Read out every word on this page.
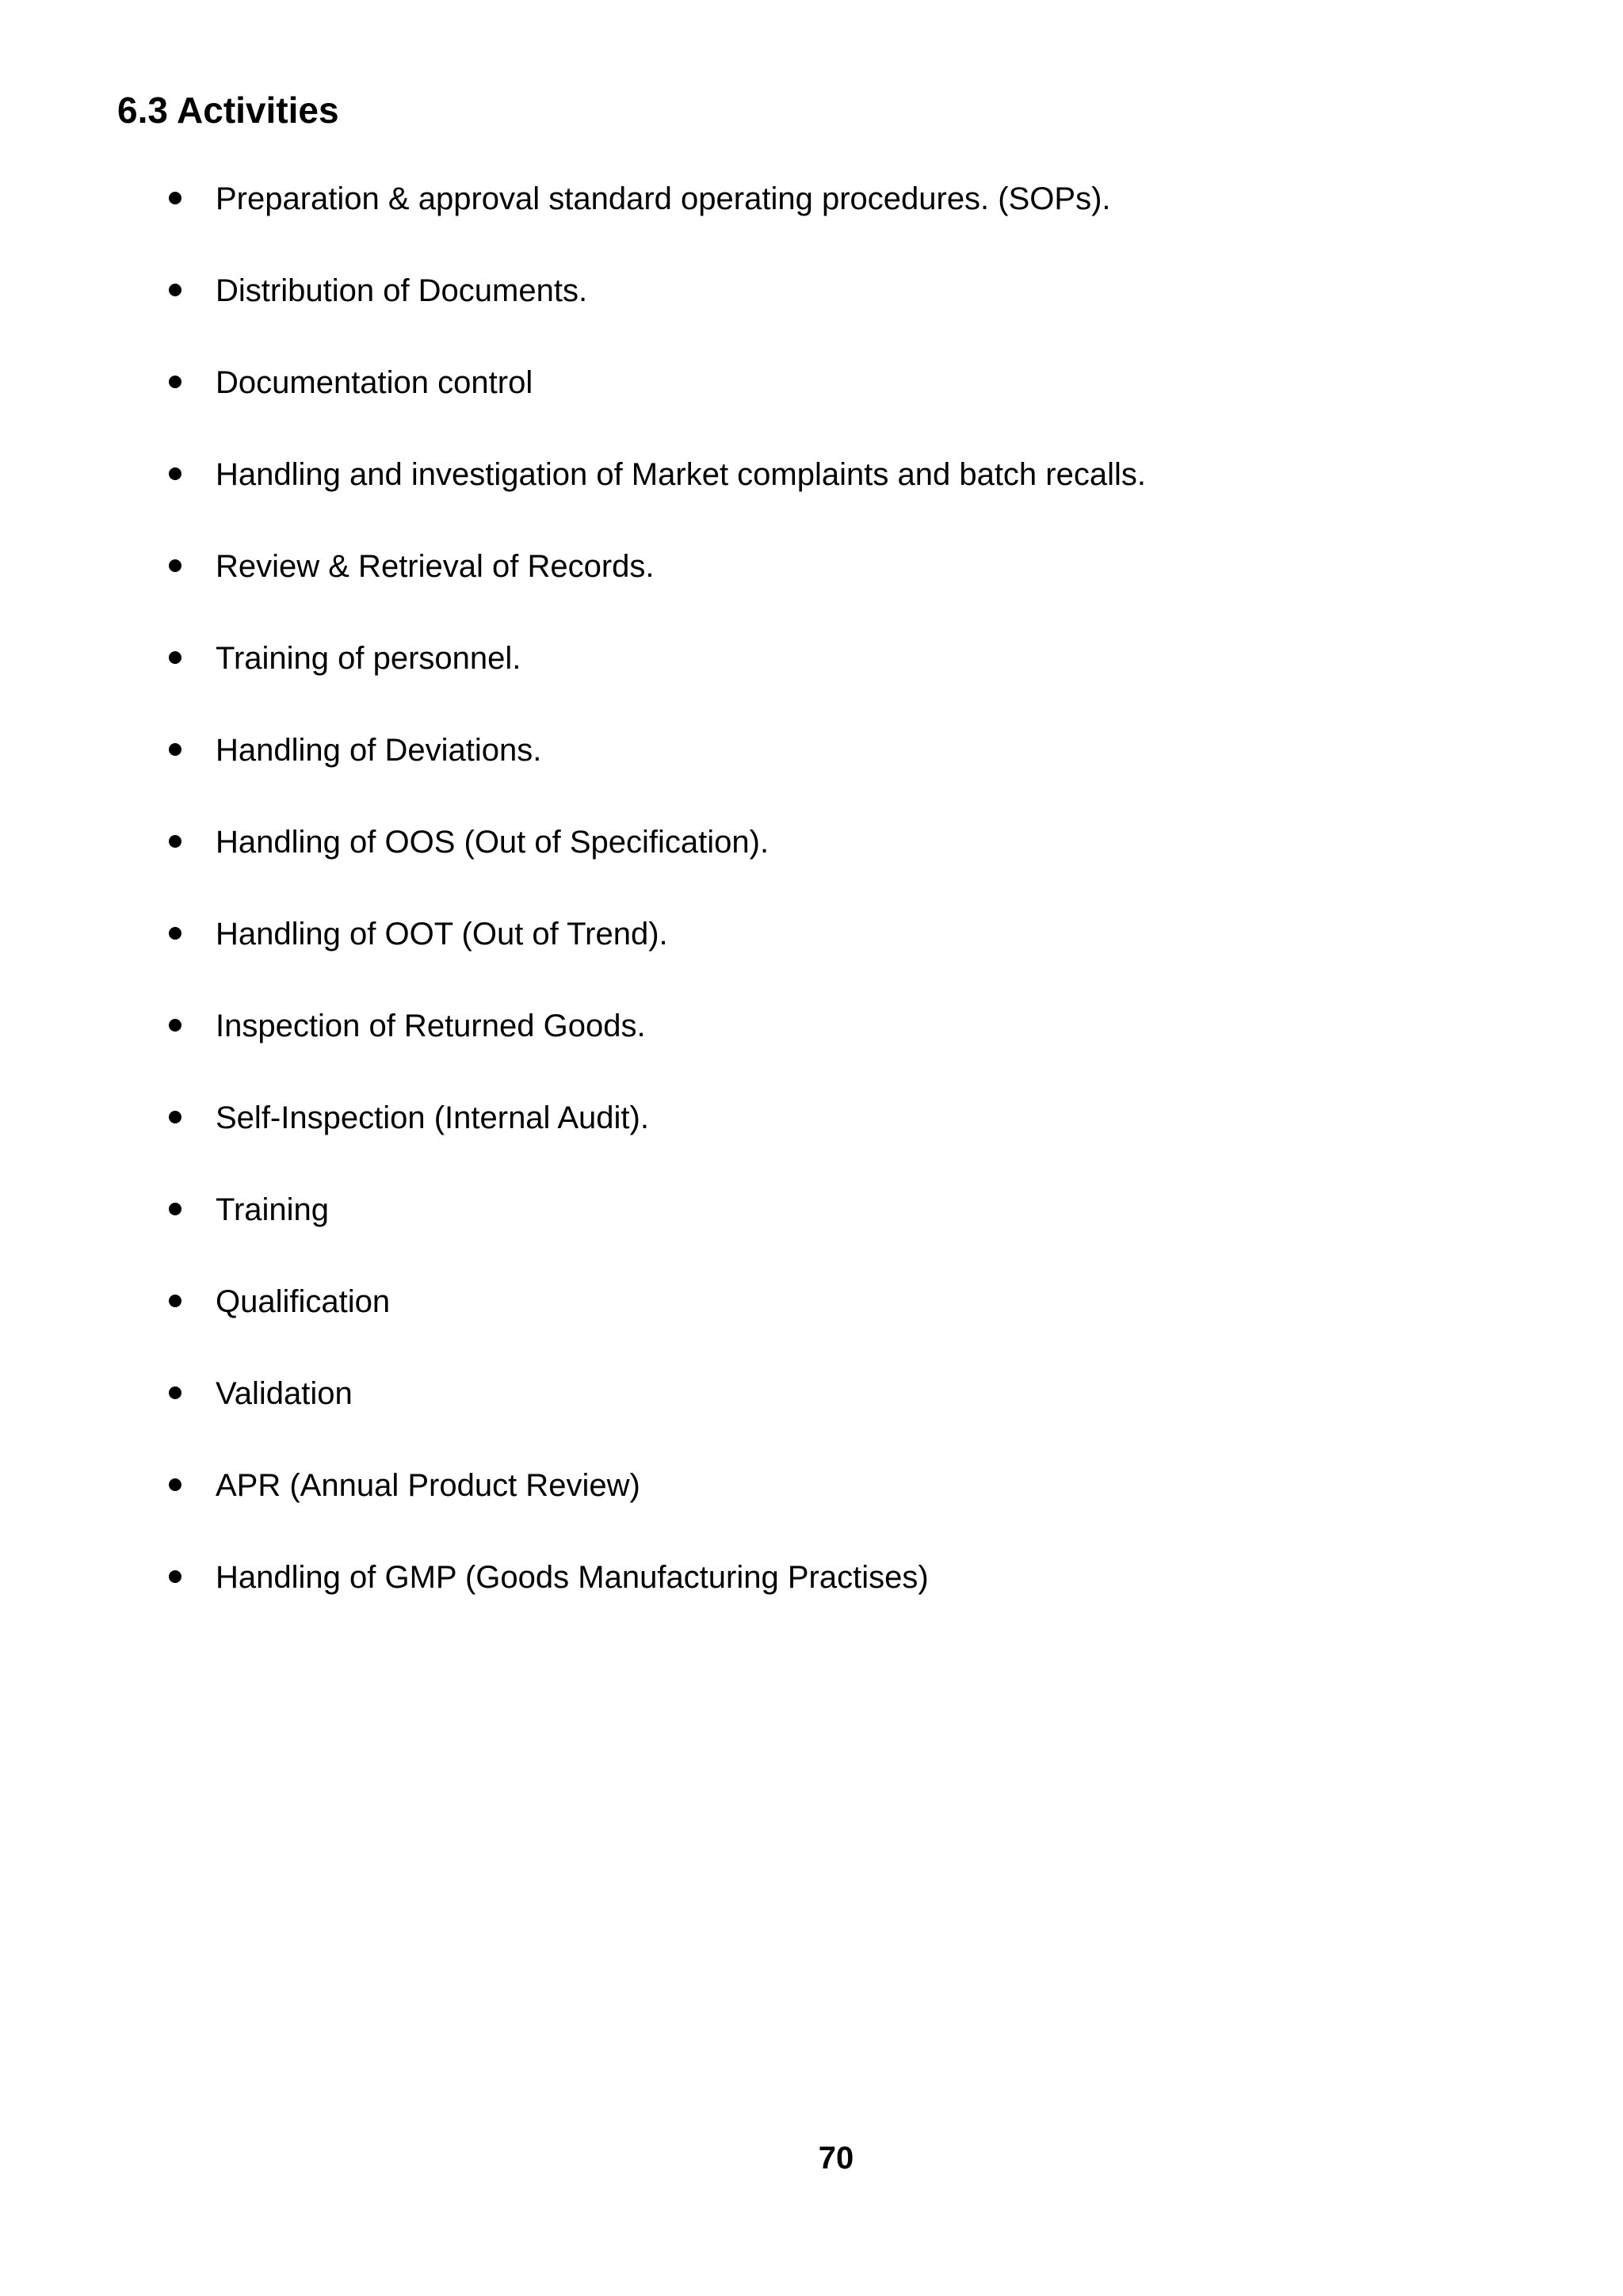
6.3 Activities
Preparation & approval standard operating procedures. (SOPs).
Distribution of Documents.
Documentation control
Handling and investigation of Market complaints and batch recalls.
Review & Retrieval of Records.
Training of personnel.
Handling of Deviations.
Handling of OOS (Out of Specification).
Handling of OOT (Out of Trend).
Inspection of Returned Goods.
Self-Inspection (Internal Audit).
Training
Qualification
Validation
APR (Annual Product Review)
Handling of GMP (Goods Manufacturing Practises)
70
